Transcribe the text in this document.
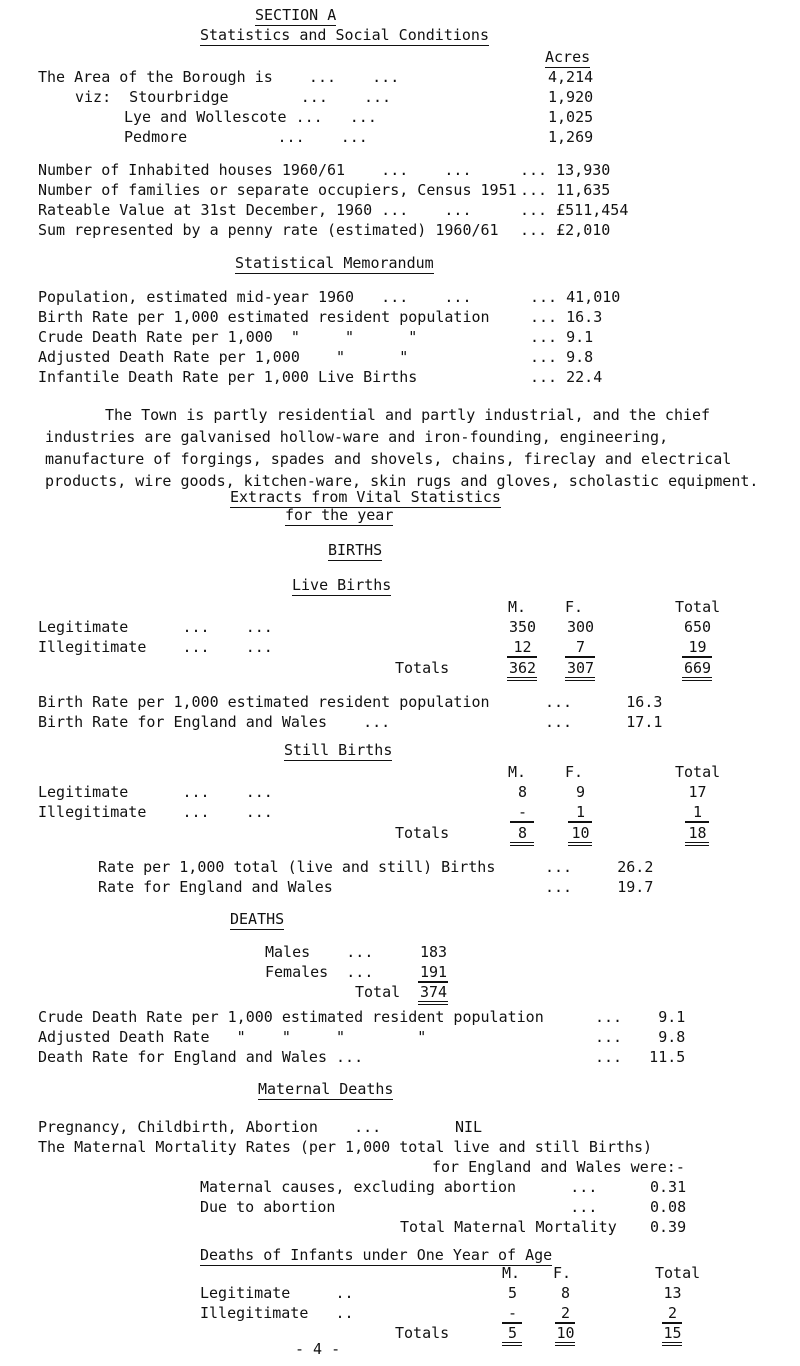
SECTION A
Statistics and Social Conditions
Acres
The Area of the Borough is    ...    ...	4,214
viz:  Stourbridge        ...    ...	1,920
Lye and Wollescote ...   ...	1,025
Pedmore          ...    ...	1,269
Number of Inhabited houses 1960/61    ...    ...	... 13,930
Number of families or separate occupiers, Census 1951 ... 11,635
Rateable Value at 31st December, 1960 ...    ...	... £511,454
Sum represented by a penny rate (estimated) 1960/61 ... £2,010
Statistical Memorandum
Population, estimated mid-year 1960   ...    ...	... 41,010
Birth Rate per 1,000 estimated resident population	... 16.3
Crude Death Rate per 1,000  "     "      "	... 9.1
Adjusted Death Rate per 1,000    "      "	... 9.8
Infantile Death Rate per 1,000 Live Births	... 22.4

The Town is partly residential and partly industrial, and the chief industries are galvanised hollow-ware and iron-founding, engineering, manufacture of forgings, spades and shovels, chains, fireclay and electrical products, wire goods, kitchen-ware, skin rugs and gloves, scholastic equipment.

Extracts from Vital Statistics
for the year
BIRTHS
Live Births
M.	F.	Total
Legitimate      ...    ...	350	300	650
Illegitimate    ...    ...	12	7	19
Totals	362	307	669
Birth Rate per 1,000 estimated resident population	...      16.3
Birth Rate for England and Wales    ...	...      17.1
Still Births
M.	F.	Total
Legitimate      ...    ...	8	9	17
Illegitimate    ...    ...	-	1	1
Totals	8	10	18
Rate per 1,000 total (live and still) Births	...     26.2
Rate for England and Wales	...     19.7
DEATHS
Males    ...	183
Females  ...	191
Total 374
Crude Death Rate per 1,000 estimated resident population	...    9.1
Adjusted Death Rate   "    "     "        "	...    9.8
Death Rate for England and Wales ...	...   11.5
Maternal Deaths
Pregnancy, Childbirth, Abortion    ...	NIL
The Maternal Mortality Rates (per 1,000 total live and still Births)
for England and Wales were:-
Maternal causes, excluding abortion      ...	0.31
Due to abortion                          ...	0.08
Total Maternal Mortality 0.39
Deaths of Infants under One Year of Age
M. F.	Total
Legitimate     ..	5	8	13
Illegitimate   ..	-	2	2
Totals	5	10	15
- 4 -
